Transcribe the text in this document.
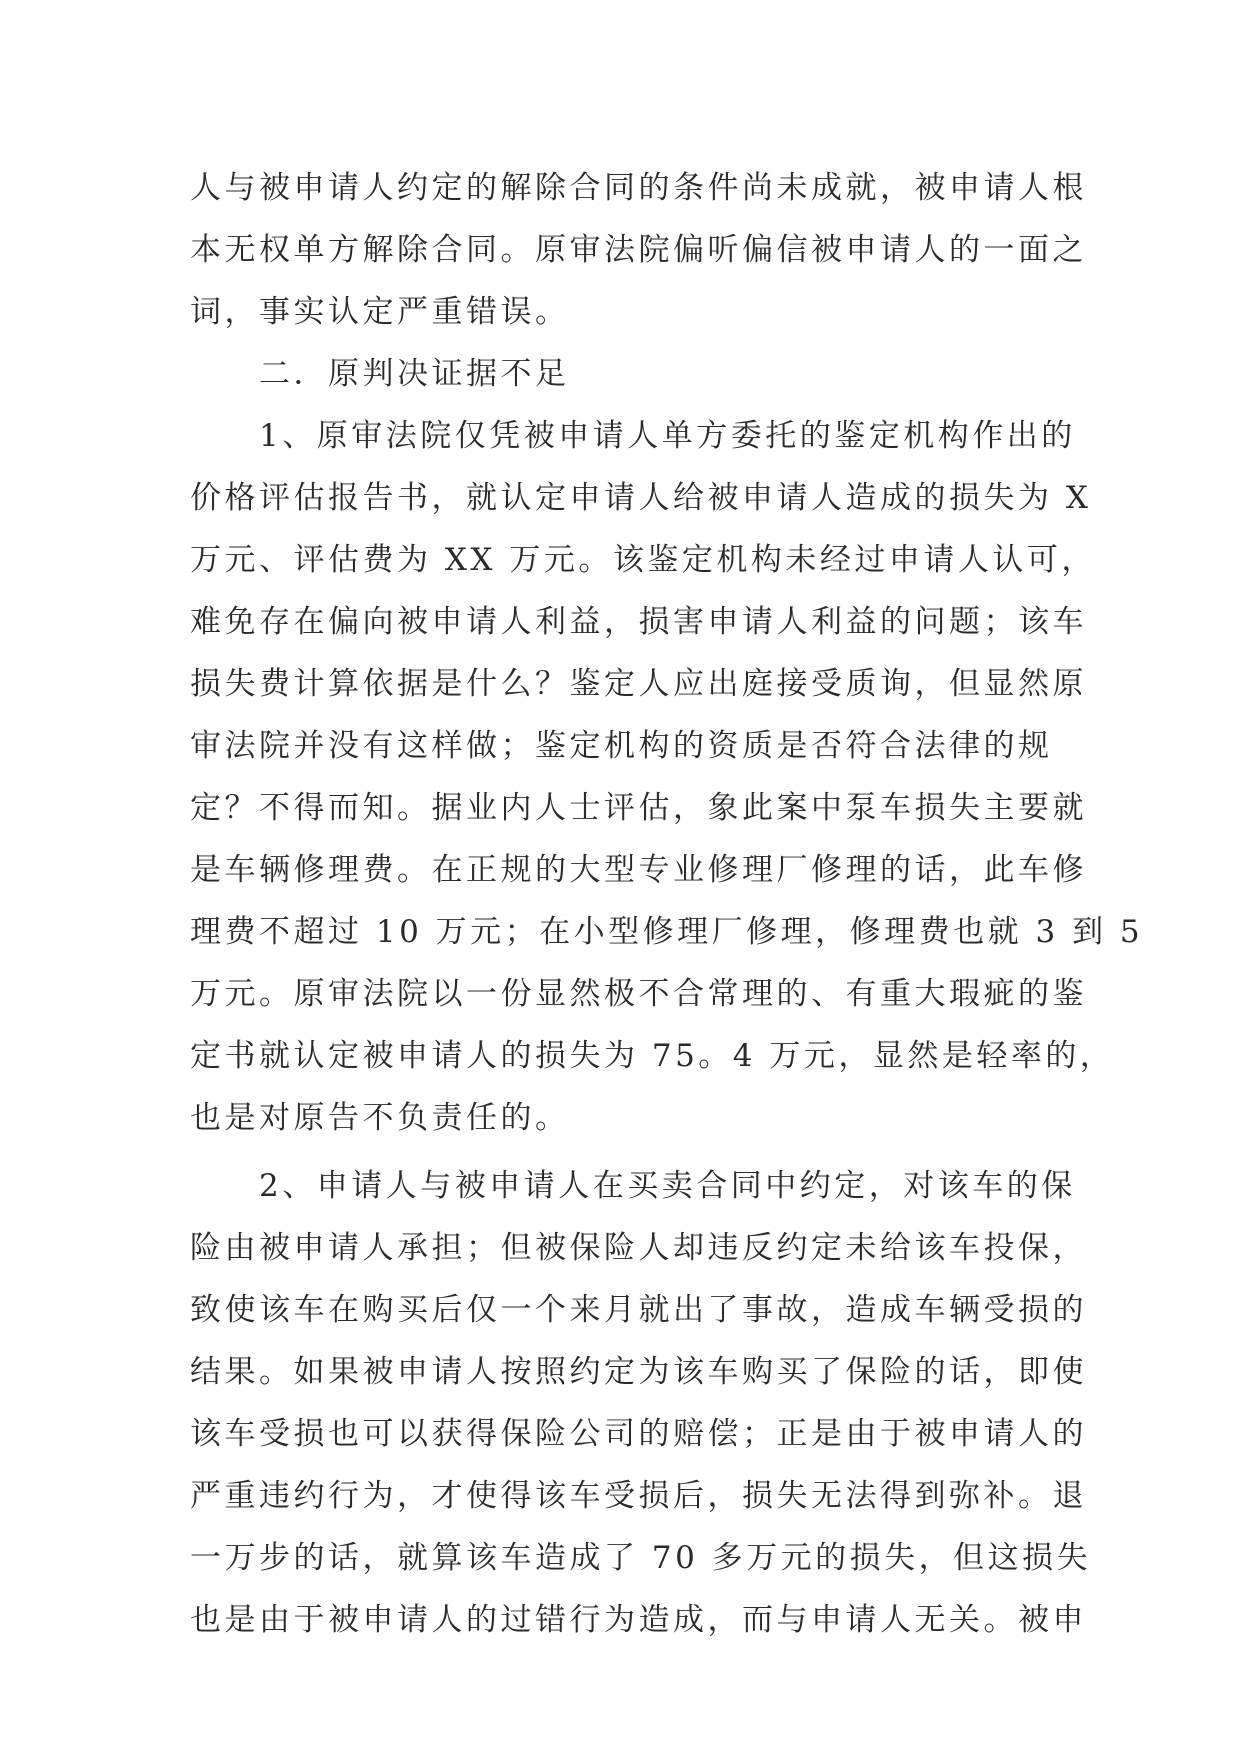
人与被申请人约定的解除合同的条件尚未成就，被申请人根
本无权单方解除合同。原审法院偏听偏信被申请人的一面之
词，事实认定严重错误。
　　二．原判决证据不足
　　1、原审法院仅凭被申请人单方委托的鉴定机构作出的
价格评估报告书，就认定申请人给被申请人造成的损失为 X
万元、评估费为 XX 万元。该鉴定机构未经过申请人认可，
难免存在偏向被申请人利益，损害申请人利益的问题；该车
损失费计算依据是什么？鉴定人应出庭接受质询，但显然原
审法院并没有这样做；鉴定机构的资质是否符合法律的规
定？不得而知。据业内人士评估，象此案中泵车损失主要就
是车辆修理费。在正规的大型专业修理厂修理的话，此车修
理费不超过 10 万元；在小型修理厂修理，修理费也就 3 到 5
万元。原审法院以一份显然极不合常理的、有重大瑕疵的鉴
定书就认定被申请人的损失为 75。4 万元，显然是轻率的，
也是对原告不负责任的。
　　2、申请人与被申请人在买卖合同中约定，对该车的保
险由被申请人承担；但被保险人却违反约定未给该车投保，
致使该车在购买后仅一个来月就出了事故，造成车辆受损的
结果。如果被申请人按照约定为该车购买了保险的话，即使
该车受损也可以获得保险公司的赔偿；正是由于被申请人的
严重违约行为，才使得该车受损后，损失无法得到弥补。退
一万步的话，就算该车造成了 70 多万元的损失，但这损失
也是由于被申请人的过错行为造成，而与申请人无关。被申
